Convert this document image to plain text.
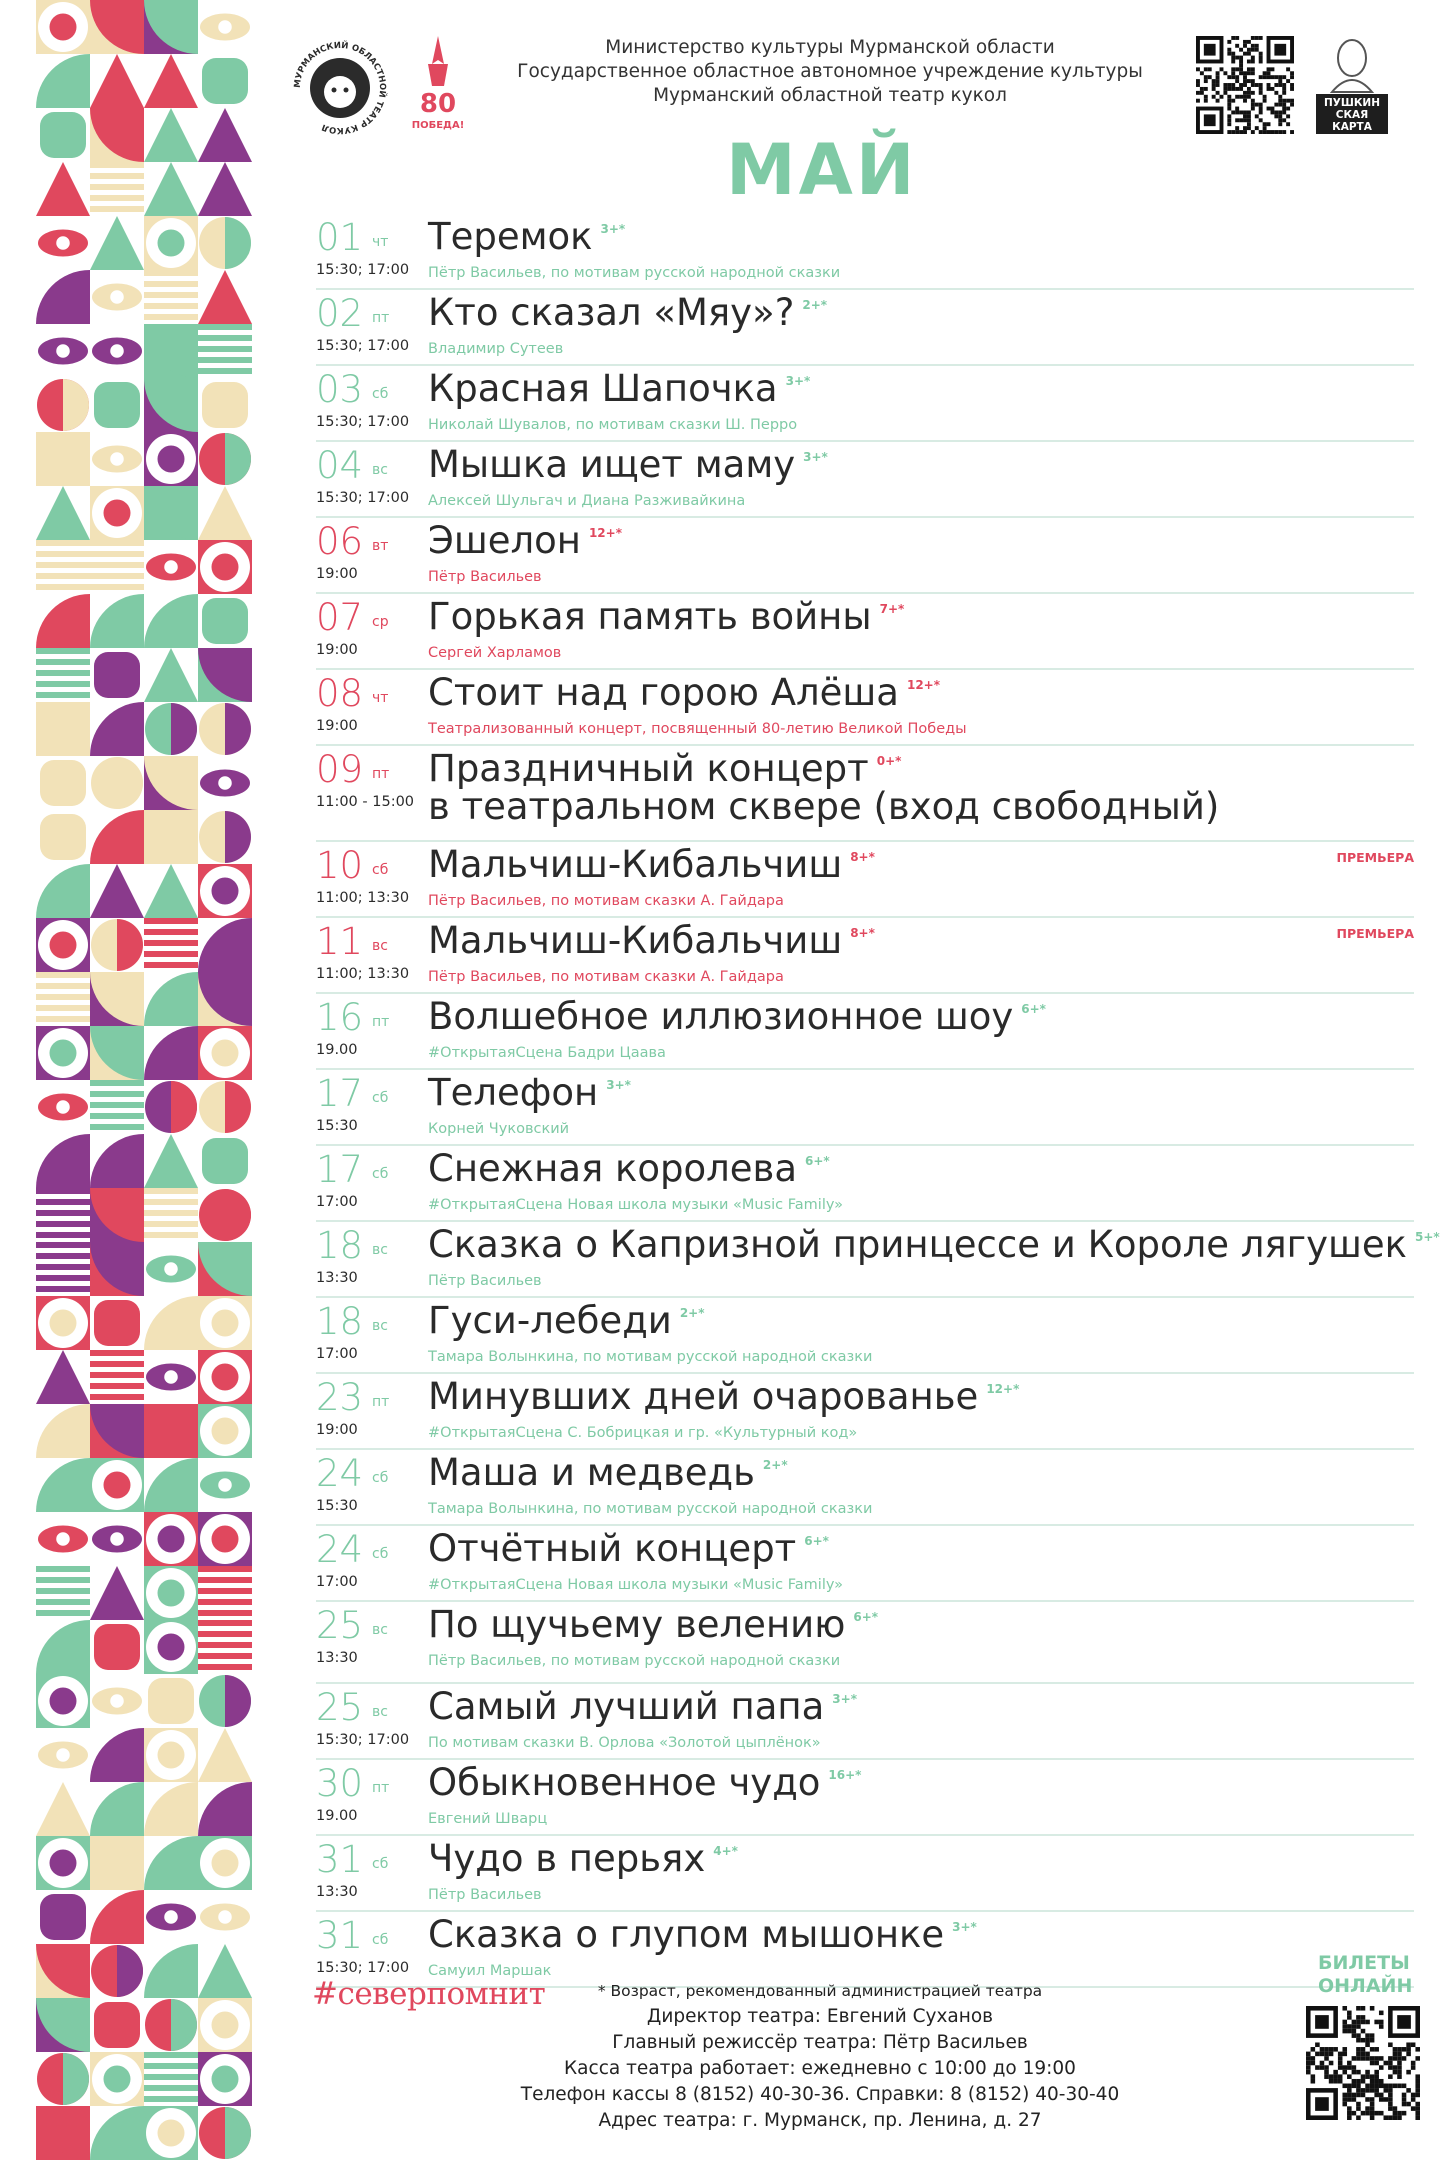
МУРМАНСКИЙ ОБЛАСТНОЙ ТЕАТР КУКОЛ
80
ПОБЕДА!
Министерство культуры Мурманской области
Государственное областное автономное учреждение культуры
Мурманский областной театр кукол	ПУШКИН
СКАЯ
КАРТА
МАЙ
01 чт
15:30; 17:00
Теремок $^{3+*}$
Пётр Васильев, по мотивам русской народной сказки
02 пт
15:30; 17:00
Кто сказал «Мяу»? $^{2+*}$
Владимир Сутеев
03 сб
15:30; 17:00
Красная Шапочка $^{3+*}$
Николай Шувалов, по мотивам сказки Ш. Перро
04 вс
15:30; 17:00
Мышка ищет маму $^{3+*}$
Алексей Шульгач и Диана Разживайкина
06 вт
19:00
Эшелон $^{12+*}$
Пётр Васильев
07 ср
19:00
Горькая память войны $^{7+*}$
Сергей Харламов
08 чт
19:00
Стоит над горою Алёша $^{12+*}$
Театрализованный концерт, посвященный 80-летию Великой Победы
09 пт
11:00 - 15:00
Праздничный концерт $^{0+*}$
в театральном сквере (вход свободный)
10 сб
11:00; 13:30
Мальчиш-Кибальчиш $^{8+*}$
Пётр Васильев, по мотивам сказки А. Гайдара
ПРЕМЬЕРА
11 вс
11:00; 13:30
Мальчиш-Кибальчиш $^{8+*}$
Пётр Васильев, по мотивам сказки А. Гайдара
ПРЕМЬЕРА
16 пт
19.00
Волшебное иллюзионное шоу $^{6+*}$
#ОткрытаяСцена Бадри Цаава
17 сб
15:30
Телефон $^{3+*}$
Корней Чуковский
17 сб
17:00
Снежная королева $^{6+*}$
#ОткрытаяСцена Новая школа музыки «Music Family»
18 вс
13:30
Сказка о Капризной принцессе и Короле лягушек $^{5+*}$
Пётр Васильев
18 вс
17:00
Гуси-лебеди $^{2+*}$
Тамара Волынкина, по мотивам русской народной сказки
23 пт
19:00
Минувших дней очарованье $^{12+*}$
#ОткрытаяСцена С. Бобрицкая и гр. «Культурный код»
24 сб
15:30
Маша и медведь $^{2+*}$
Тамара Волынкина, по мотивам русской народной сказки
24 сб
17:00
Отчётный концерт $^{6+*}$
#ОткрытаяСцена Новая школа музыки «Music Family»
25 вс
13:30
По щучьему велению $^{6+*}$
Пётр Васильев, по мотивам русской народной сказки
25 вс
15:30; 17:00
Самый лучший папа $^{3+*}$
По мотивам сказки В. Орлова «Золотой цыплёнок»
30 пт
19.00
Обыкновенное чудо $^{16+*}$
Евгений Шварц
31 сб
13:30
Чудо в перьях $^{4+*}$
Пётр Васильев
31 сб
15:30; 17:00
Сказка о глупом мышонке $^{3+*}$
Самуил Маршак
#северпомнит	* Возраст, рекомендованный администрацией театра
Директор театра: Евгений Суханов
Главный режиссёр театра: Пётр Васильев
Касса театра работает: ежедневно с 10:00 до 19:00
Телефон кассы 8 (8152) 40-30-36. Справки: 8 (8152) 40-30-40
Адрес театра: г. Мурманск, пр. Ленина, д. 27
БИЛЕТЫ
ОНЛАЙН
